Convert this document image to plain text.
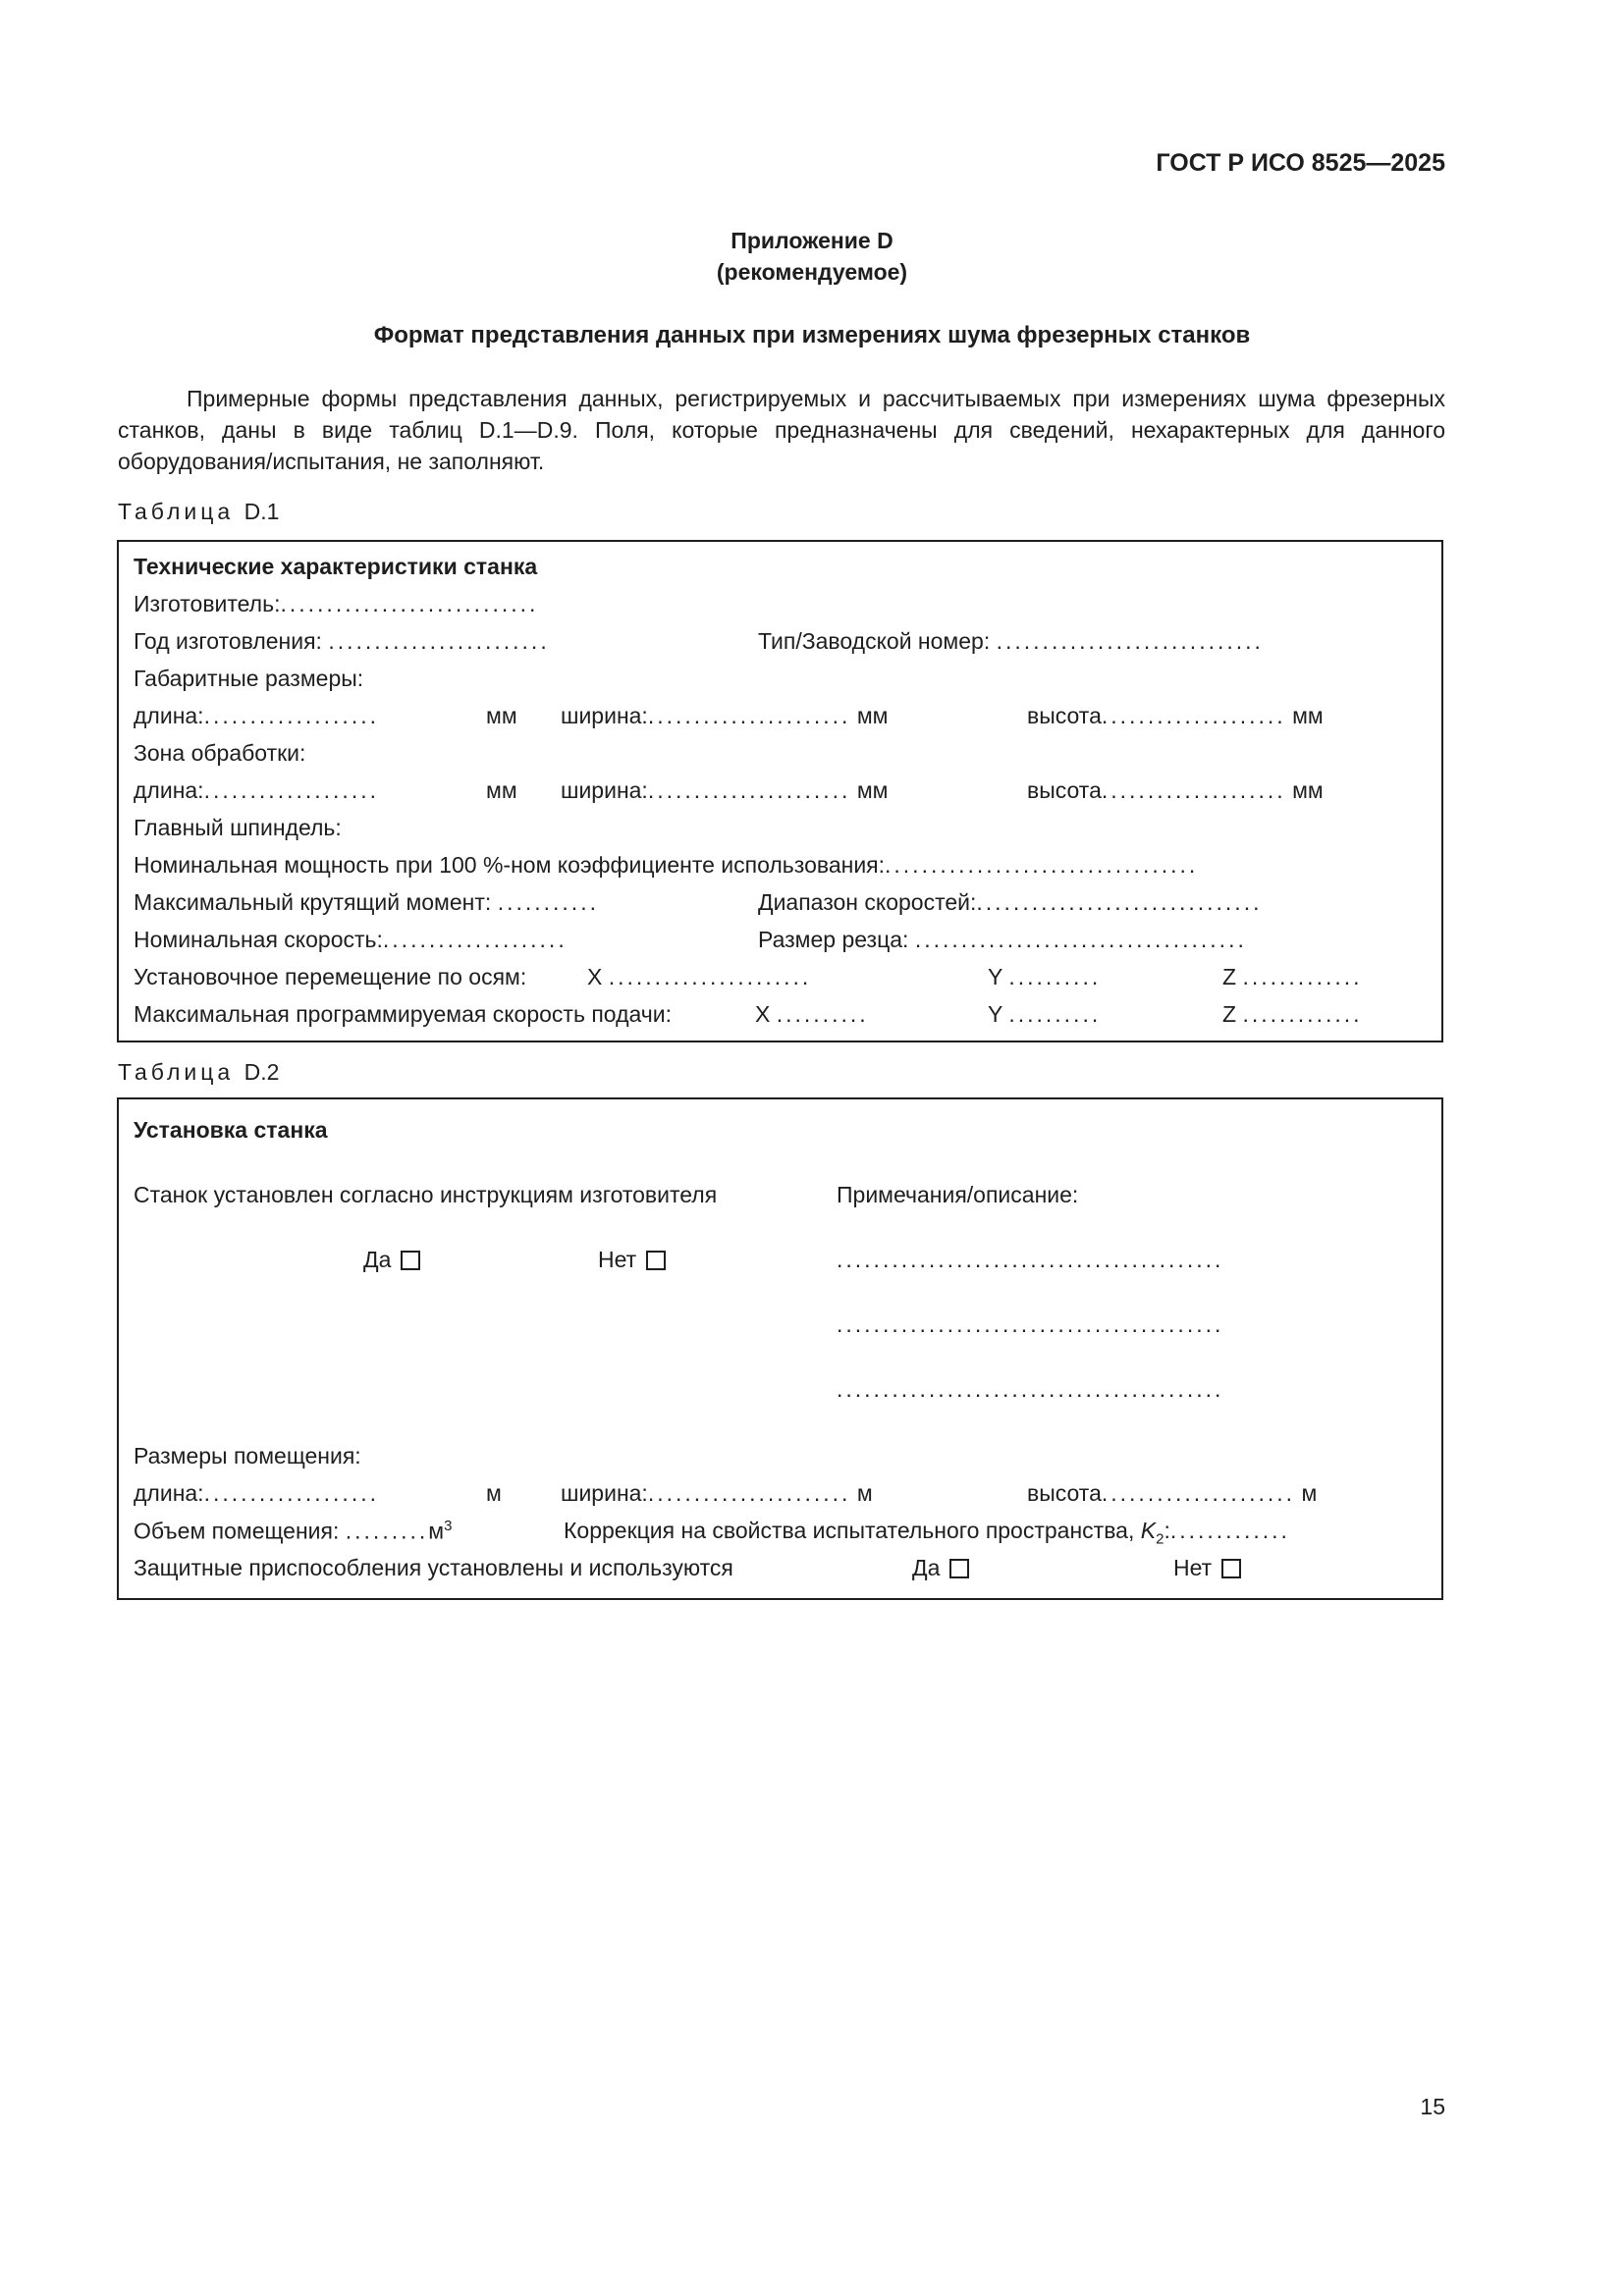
ГОСТ Р ИСО 8525—2025
Приложение D
(рекомендуемое)
Формат представления данных при измерениях шума фрезерных станков

Примерные формы представления данных, регистрируемых и рассчитываемых при измерениях шума фрезерных станков, даны в виде таблиц D.1—D.9. Поля, которые предназначены для сведений, нехарактерных для данного оборудования/испытания, не заполняют.

Таблица D.1
Технические характеристики станка
Изготовитель:............................
Год изготовления: ........................	Тип/Заводской номер: .............................
Габаритные размеры:
длина:...................	мм ширина:...................... мм	высота.................... мм
Зона обработки:
длина:...................	мм ширина:...................... мм	высота.................... мм
Главный шпиндель:
Номинальная мощность при 100 %-ном коэффициенте использования:..................................
Максимальный крутящий момент: ...........	Диапазон скоростей:...............................
Номинальная скорость:....................	Размер резца: ....................................
Установочное перемещение по осям:	X ......................	Y ..........	Z .............
Максимальная программируемая скорость подачи:	X ..........	Y ..........	Z .............
Таблица D.2
Установка станка
Станок установлен согласно инструкциям изготовителя	Примечания/описание:
Да	Нет	..........................................
..........................................
..........................................
Размеры помещения:
длина:...................	м	ширина:...................... м	высота..................... м
Объем помещения: $.........м^3$	Коррекция на свойства испытательного пространства, $K_2$:.............
Защитные приспособления установлены и используются	Да	Нет
15
